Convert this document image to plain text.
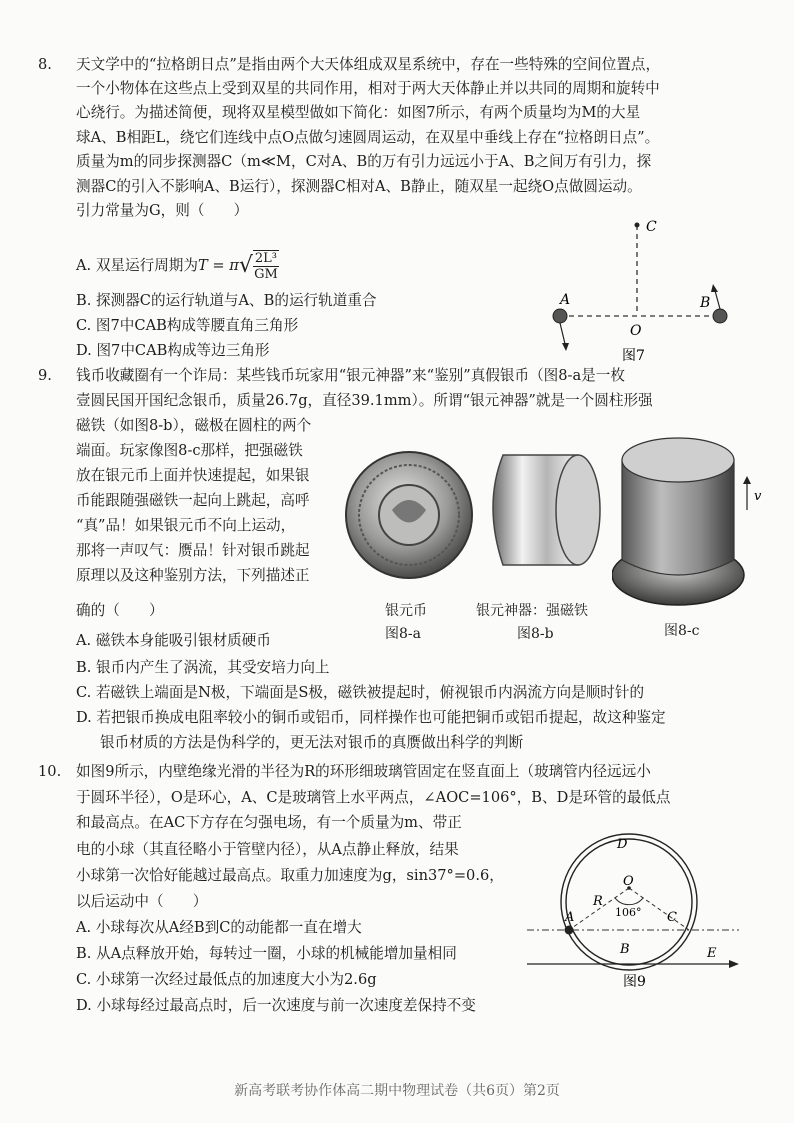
8. 天文学中的“拉格朗日点”是指由两个大天体组成双星系统中，存在一些特殊的空间位置点，
一个小物体在这些点上受到双星的共同作用，相对于两大天体静止并以共同的周期和旋转中
心绕行。为描述简便，现将双星模型做如下简化：如图7所示，有两个质量均为M的大星
球A、B相距L，绕它们连线中点O点做匀速圆周运动，在双星中垂线上存在“拉格朗日点”。
质量为m的同步探测器C（m≪M，C对A、B的万有引力远远小于A、B之间万有引力，探
测器C的引入不影响A、B运行），探测器C相对A、B静止，随双星一起绕O点做圆运动。
引力常量为G，则（　　）
A. 双星运行周期为$T = \pi√ \frac{\text{2L³}}{GM}$
B. 探测器C的运行轨道与A、B的运行轨道重合
C. 图7中CAB构成等腰直角三角形
D. 图7中CAB构成等边三角形
C
A	B
O
图7
9. 钱币收藏圈有一个诈局：某些钱币玩家用“银元神器”来“鉴别”真假银币（图8-a是一枚
壹圆民国开国纪念银币，质量26.7g，直径39.1mm）。所谓“银元神器”就是一个圆柱形强
磁铁（如图8-b），磁极在圆柱的两个
端面。玩家像图8-c那样，把强磁铁
放在银元币上面并快速提起，如果银
币能跟随强磁铁一起向上跳起，高呼
“真”品！如果银元币不向上运动，
那将一声叹气：赝品！针对银币跳起
原理以及这种鉴别方法，下列描述正
确的（　　）
A. 磁铁本身能吸引银材质硬币
B. 银币内产生了涡流，其受安培力向上
C. 若磁铁上端面是N极，下端面是S极，磁铁被提起时，俯视银币内涡流方向是顺时针的
D. 若把银币换成电阻率较小的铜币或铝币，同样操作也可能把铜币或铝币提起，故这种鉴定
银币材质的方法是伪科学的，更无法对银币的真赝做出科学的判断
v
银元币
图8-a
银元神器：强磁铁
图8-b	图8-c
10. 如图9所示，内壁绝缘光滑的半径为R的环形细玻璃管固定在竖直面上（玻璃管内径远远小
于圆环半径），O是环心，A、C是玻璃管上水平两点，∠AOC=106°，B、D是环管的最低点
和最高点。在AC下方存在匀强电场，有一个质量为m、带正
电的小球（其直径略小于管壁内径），从A点静止释放，结果
小球第一次恰好能越过最高点。取重力加速度为g，sin37°=0.6，
以后运动中（　　）
A. 小球每次从A经B到C的动能都一直在增大
B. 从A点释放开始，每转过一圈，小球的机械能增加量相同
C. 小球第一次经过最低点的加速度大小为2.6g
D. 小球每经过最高点时，后一次速度与前一次速度差保持不变
D
O
R
106°
A	C
B	E
图9
新高考联考协作体高二期中物理试卷（共6页）第2页
